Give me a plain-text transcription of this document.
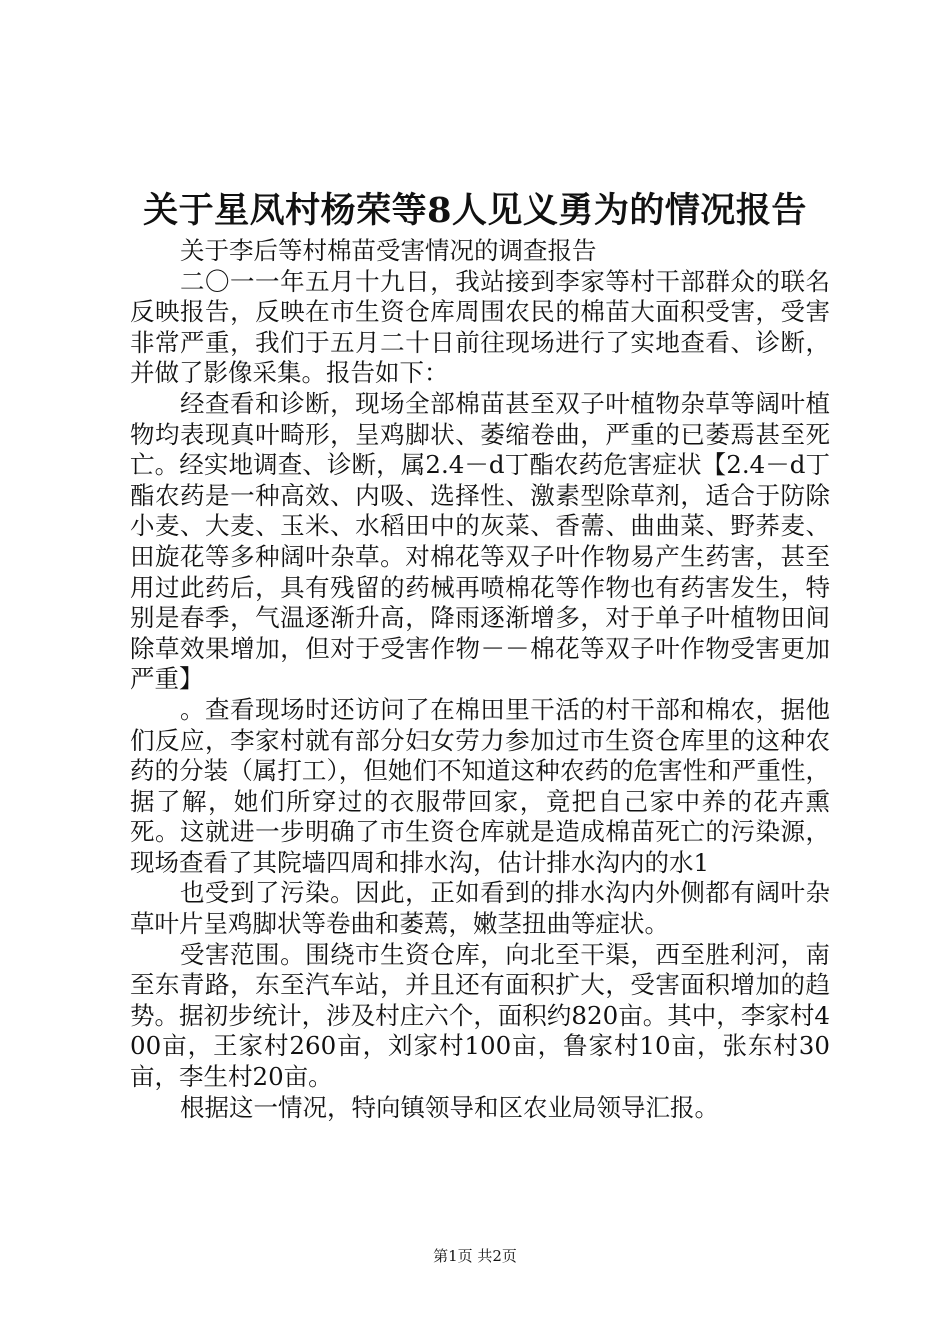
关于星凤村杨荣等8人见义勇为的情况报告

关于李后等村棉苗受害情况的调查报告

二〇一一年五月十九日，我站接到李家等村干部群众的联名反映报告，反映在市生资仓库周围农民的棉苗大面积受害，受害非常严重，我们于五月二十日前往现场进行了实地查看、诊断，并做了影像采集。报告如下：

经查看和诊断，现场全部棉苗甚至双子叶植物杂草等阔叶植物均表现真叶畸形，呈鸡脚状、萎缩卷曲，严重的已萎焉甚至死亡。经实地调查、诊断，属2.4－d丁酯农药危害症状【2.4－d丁酯农药是一种高效、内吸、选择性、激素型除草剂，适合于防除小麦、大麦、玉米、水稻田中的灰菜、香薷、曲曲菜、野荞麦、田旋花等多种阔叶杂草。对棉花等双子叶作物易产生药害，甚至用过此药后，具有残留的药械再喷棉花等作物也有药害发生，特别是春季，气温逐渐升高，降雨逐渐增多，对于单子叶植物田间除草效果增加，但对于受害作物－－棉花等双子叶作物受害更加严重】

。查看现场时还访问了在棉田里干活的村干部和棉农，据他们反应，李家村就有部分妇女劳力参加过市生资仓库里的这种农药的分装（属打工），但她们不知道这种农药的危害性和严重性，据了解，她们所穿过的衣服带回家，竟把自己家中养的花卉熏死。这就进一步明确了市生资仓库就是造成棉苗死亡的污染源，现场查看了其院墙四周和排水沟，估计排水沟内的水1

也受到了污染。因此，正如看到的排水沟内外侧都有阔叶杂草叶片呈鸡脚状等卷曲和萎蔫，嫩茎扭曲等症状。

受害范围。围绕市生资仓库，向北至干渠，西至胜利河，南至东青路，东至汽车站，并且还有面积扩大，受害面积增加的趋势。据初步统计，涉及村庄六个，面积约820亩。其中，李家村400亩，王家村260亩，刘家村100亩，鲁家村10亩，张东村30亩，李生村20亩。

根据这一情况，特向镇领导和区农业局领导汇报。

第1页 共2页
